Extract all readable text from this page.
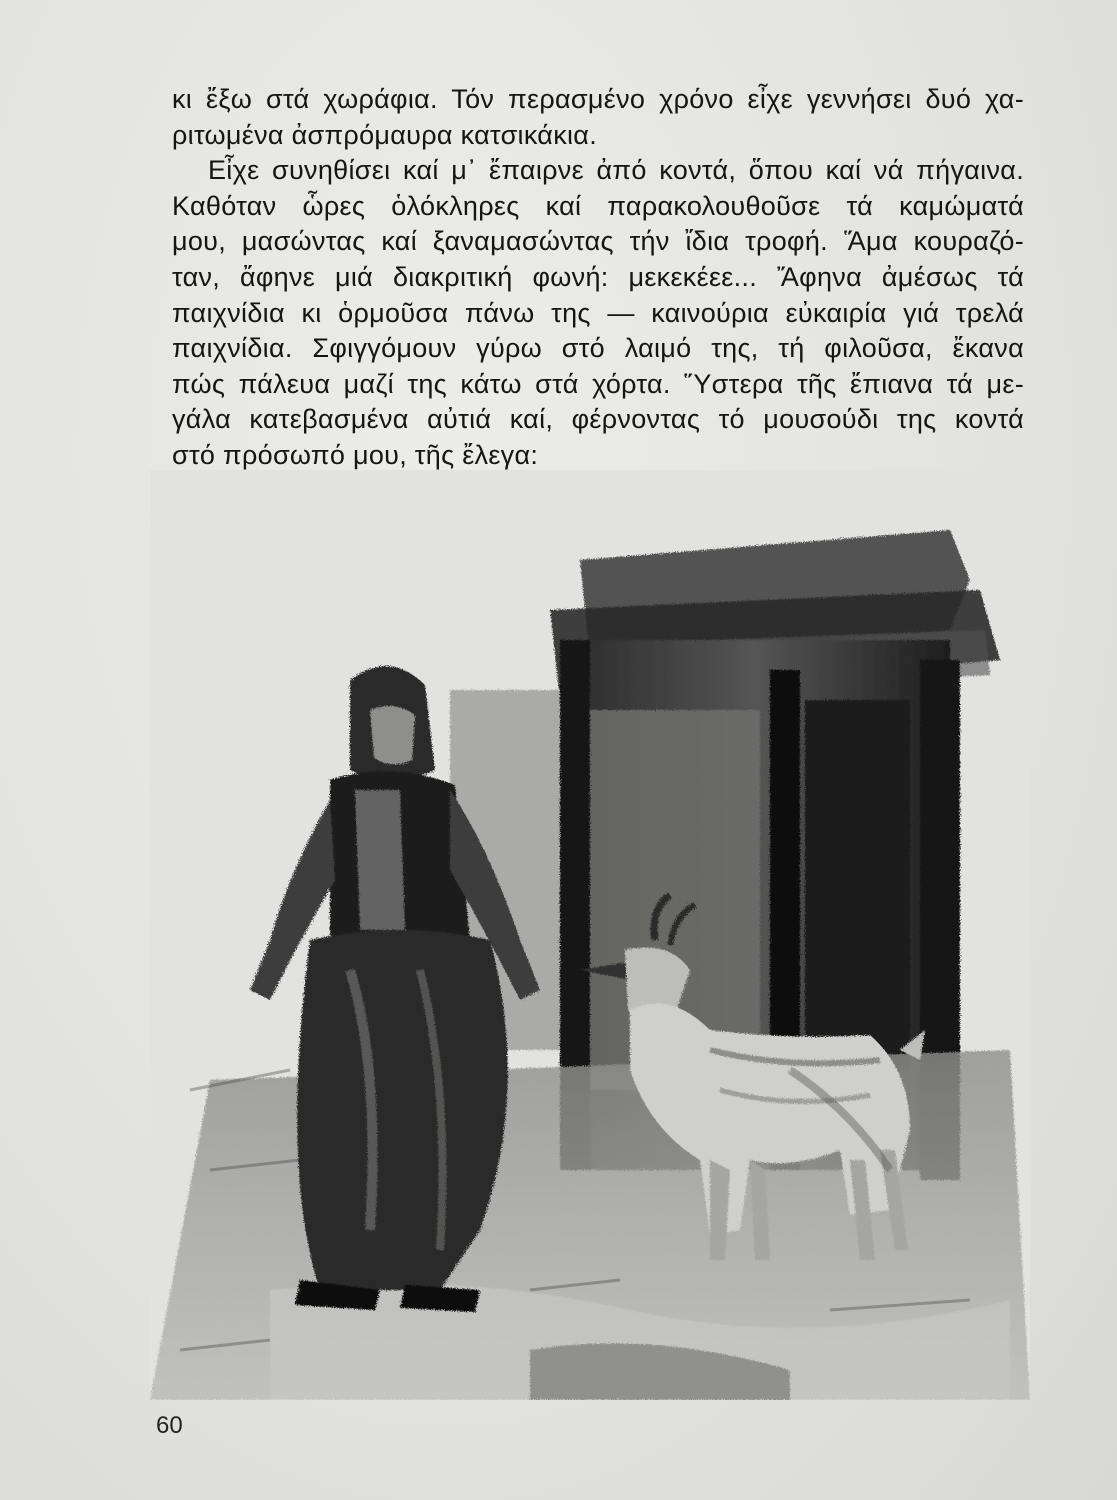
κι ἔξω στά χωράφια. Τόν περασμένο χρόνο εἶχε γεννήσει δυό χα-
ριτωμένα ἀσπρόμαυρα κατσικάκια.
Εἶχε συνηθίσει καί μ᾿ ἔπαιρνε ἀπό κοντά, ὅπου καί νά πήγαινα.
Καθόταν ὧρες ὁλόκληρες καί παρακολουθοῦσε τά καμώματά
μου, μασώντας καί ξαναμασώντας τήν ἴδια τροφή. Ἅμα κουραζό-
ταν, ἄφηνε μιά διακριτική φωνή: μεκεκέεε... Ἄφηνα ἀμέσως τά
παιχνίδια κι ὁρμοῦσα πάνω της — καινούρια εὐκαιρία γιά τρελά
παιχνίδια. Σφιγγόμουν γύρω στό λαιμό της, τή φιλοῦσα, ἔκανα
πώς πάλευα μαζί της κάτω στά χόρτα. Ὕστερα τῆς ἔπιανα τά με-
γάλα κατεβασμένα αὐτιά καί, φέρνοντας τό μουσούδι της κοντά
στό πρόσωπό μου, τῆς ἔλεγα:
60
